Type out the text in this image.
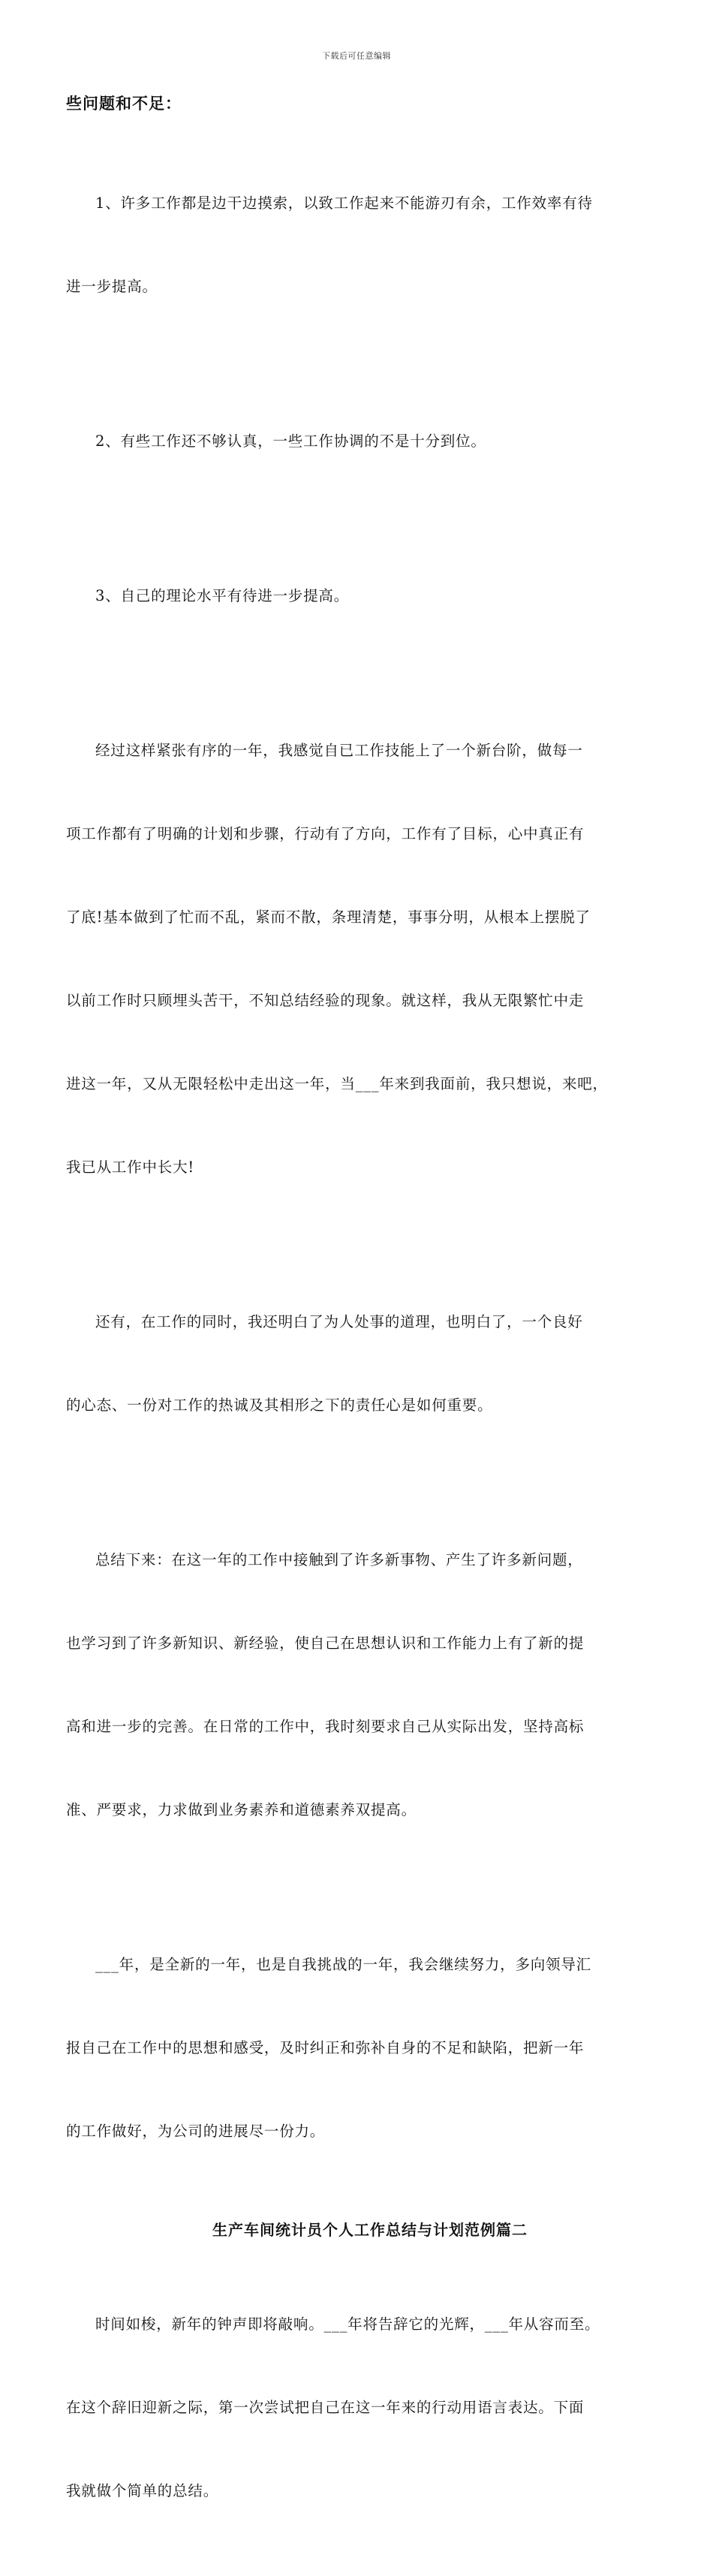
下载后可任意编辑
些问题和不足：

1、许多工作都是边干边摸索，以致工作起来不能游刃有余，工作效率有待

进一步提高。

2、有些工作还不够认真，一些工作协调的不是十分到位。

3、自己的理论水平有待进一步提高。

经过这样紧张有序的一年，我感觉自已工作技能上了一个新台阶，做每一

项工作都有了明确的计划和步骤，行动有了方向，工作有了目标，心中真正有

了底!基本做到了忙而不乱，紧而不散，条理清楚，事事分明，从根本上摆脱了

以前工作时只顾埋头苦干，不知总结经验的现象。就这样，我从无限繁忙中走

进这一年，又从无限轻松中走出这一年，当___年来到我面前，我只想说，来吧，

我已从工作中长大!

还有，在工作的同时，我还明白了为人处事的道理，也明白了，一个良好

的心态、一份对工作的热诚及其相形之下的责任心是如何重要。

总结下来：在这一年的工作中接触到了许多新事物、产生了许多新问题，

也学习到了许多新知识、新经验，使自己在思想认识和工作能力上有了新的提

高和进一步的完善。在日常的工作中，我时刻要求自己从实际出发，坚持高标

准、严要求，力求做到业务素养和道德素养双提高。

___年，是全新的一年，也是自我挑战的一年，我会继续努力，多向领导汇

报自己在工作中的思想和感受，及时纠正和弥补自身的不足和缺陷，把新一年

的工作做好，为公司的进展尽一份力。

生产车间统计员个人工作总结与计划范例篇二

时间如梭，新年的钟声即将敲响。___年将告辞它的光辉，___年从容而至。

在这个辞旧迎新之际，第一次尝试把自己在这一年来的行动用语言表达。下面

我就做个简单的总结。
